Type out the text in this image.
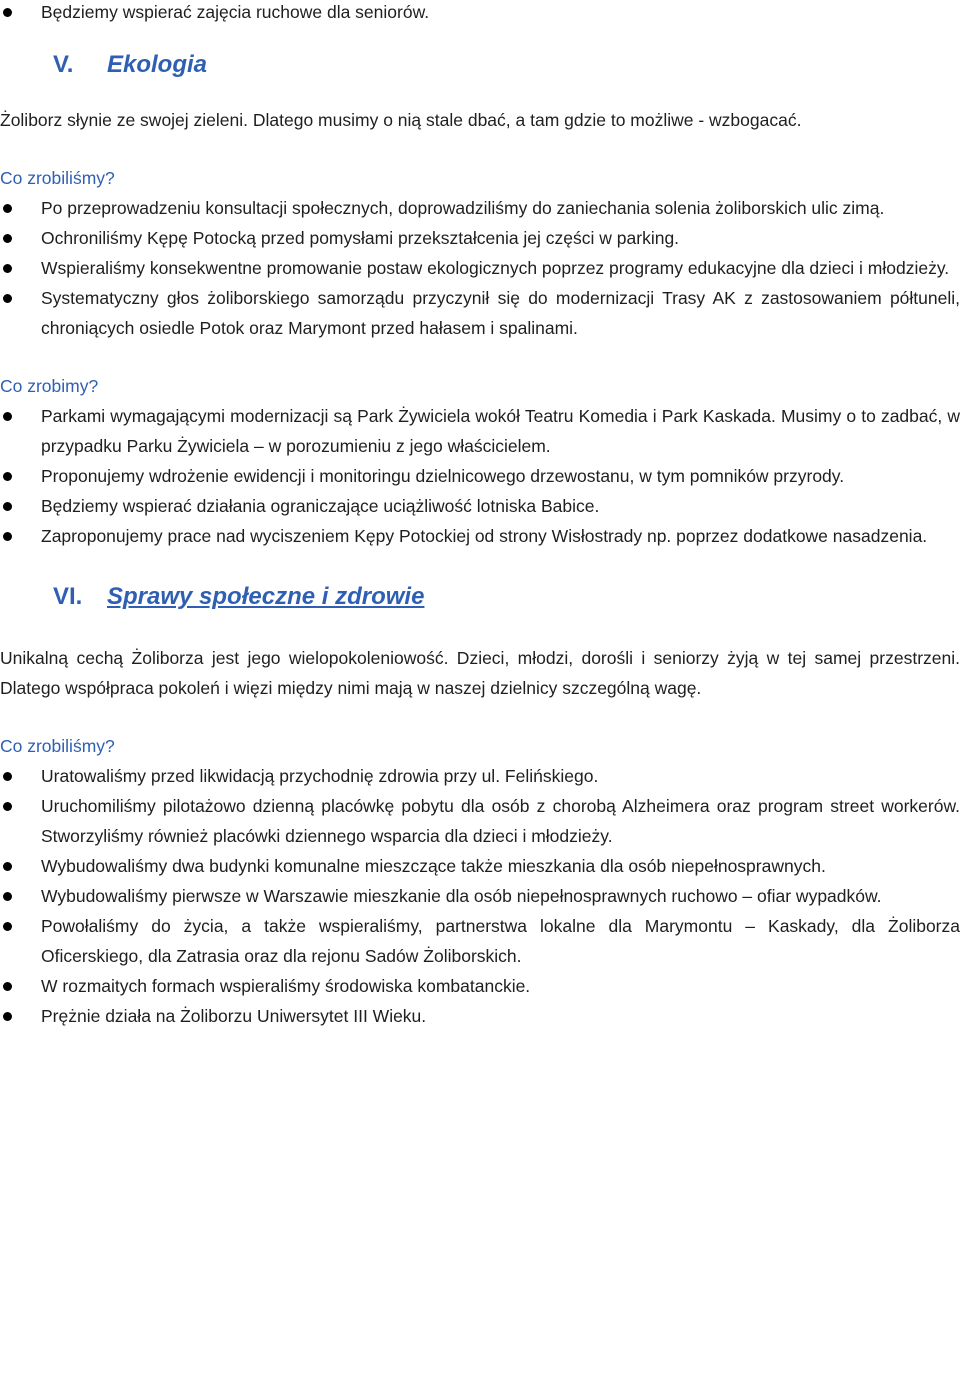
Będziemy wspierać zajęcia ruchowe dla seniorów.
V. Ekologia

Żoliborz słynie ze swojej zieleni. Dlatego musimy o nią stale dbać, a tam gdzie to możliwe - wzbogacać.

Co zrobiliśmy?

Po przeprowadzeniu konsultacji społecznych, doprowadziliśmy do zaniechania solenia żoliborskich ulic zimą.
Ochroniliśmy Kępę Potocką przed pomysłami przekształcenia jej części w parking.
Wspieraliśmy konsekwentne promowanie postaw ekologicznych poprzez programy edukacyjne dla dzieci i młodzieży.
Systematyczny głos żoliborskiego samorządu przyczynił się do modernizacji Trasy AK z zastosowaniem półtuneli, chroniących osiedle Potok oraz Marymont przed hałasem i spalinami.

Co zrobimy?

Parkami wymagającymi modernizacji są Park Żywiciela wokół Teatru Komedia i Park Kaskada. Musimy o to zadbać, w przypadku Parku Żywiciela – w porozumieniu z jego właścicielem.
Proponujemy wdrożenie ewidencji i monitoringu dzielnicowego drzewostanu, w tym pomników przyrody.
Będziemy wspierać działania ograniczające uciążliwość lotniska Babice.
Zaproponujemy prace nad wyciszeniem Kępy Potockiej od strony Wisłostrady np. poprzez dodatkowe nasadzenia.
VI. Sprawy społeczne i zdrowie

Unikalną cechą Żoliborza jest jego wielopokoleniowość. Dzieci, młodzi, dorośli i seniorzy żyją w tej samej przestrzeni. Dlatego współpraca pokoleń i więzi między nimi mają w naszej dzielnicy szczególną wagę.

Co zrobiliśmy?

Uratowaliśmy przed likwidacją przychodnię zdrowia przy ul. Felińskiego.
Uruchomiliśmy pilotażowo dzienną placówkę pobytu dla osób z chorobą Alzheimera oraz program street workerów. Stworzyliśmy również placówki dziennego wsparcia dla dzieci i młodzieży.
Wybudowaliśmy dwa budynki komunalne mieszczące także mieszkania dla osób niepełnosprawnych.
Wybudowaliśmy pierwsze w Warszawie mieszkanie dla osób niepełnosprawnych ruchowo – ofiar wypadków.
Powołaliśmy do życia, a także wspieraliśmy, partnerstwa lokalne dla Marymontu – Kaskady, dla Żoliborza Oficerskiego, dla Zatrasia oraz dla rejonu Sadów Żoliborskich.
W rozmaitych formach wspieraliśmy środowiska kombatanckie.
Prężnie działa na Żoliborzu Uniwersytet III Wieku.
